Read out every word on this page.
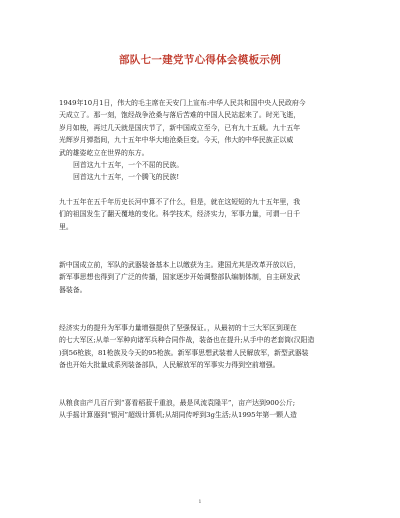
部队七一建党节心得体会模板示例

1949年10月1日，伟大的毛主席在天安门上宣布:中华人民共和国中央人民政府今
天成立了。那一刻，饱经战争沧桑与落后苦难的中国人民站起来了。时光飞逝，
岁月如梭，再过几天就是国庆节了，新中国成立至今，已有九十五载。九十五年
光辉岁月弹指间，九十五年中华大地沧桑巨变。今天，伟大的中华民族正以威
武的雄姿屹立在世界的东方。

回首这九十五年，一个不屈的民族。
回首这九十五年，一个腾飞的民族!

九十五年在五千年历史长河中算不了什么，但是，就在这短短的九十五年里，我
们的祖国发生了翻天覆地的变化。科学技术，经济实力，军事力量，可谓一日千
里。

新中国成立前，军队的武器装备基本上以缴获为主。建国尤其是改革开放以后，
新军事思想也得到了广泛的传播，国家逐步开始调整部队编制体制，自主研发武
器装备。

经济实力的提升为军事力量增强提供了坚强保证。，从最初的十三大军区到现在
的七大军区;从单一军种向诸军兵种合同作战，装备也在提升;从手中的老套筒(汉阳造
)到56枪族，81枪族及今天的95枪族。新军事思想武装着人民解放军，新型武器装
备也开始大批量成系列装备部队，人民解放军的军事实力得到空前增强。

从粮食亩产几百斤到“喜看稻菽千重浪，最是风流袁隆平”，亩产达到900公斤;
从手摇计算器到“银河”超级计算机;从胡同传呼到3g生活;从1995年第一颗人造

1
